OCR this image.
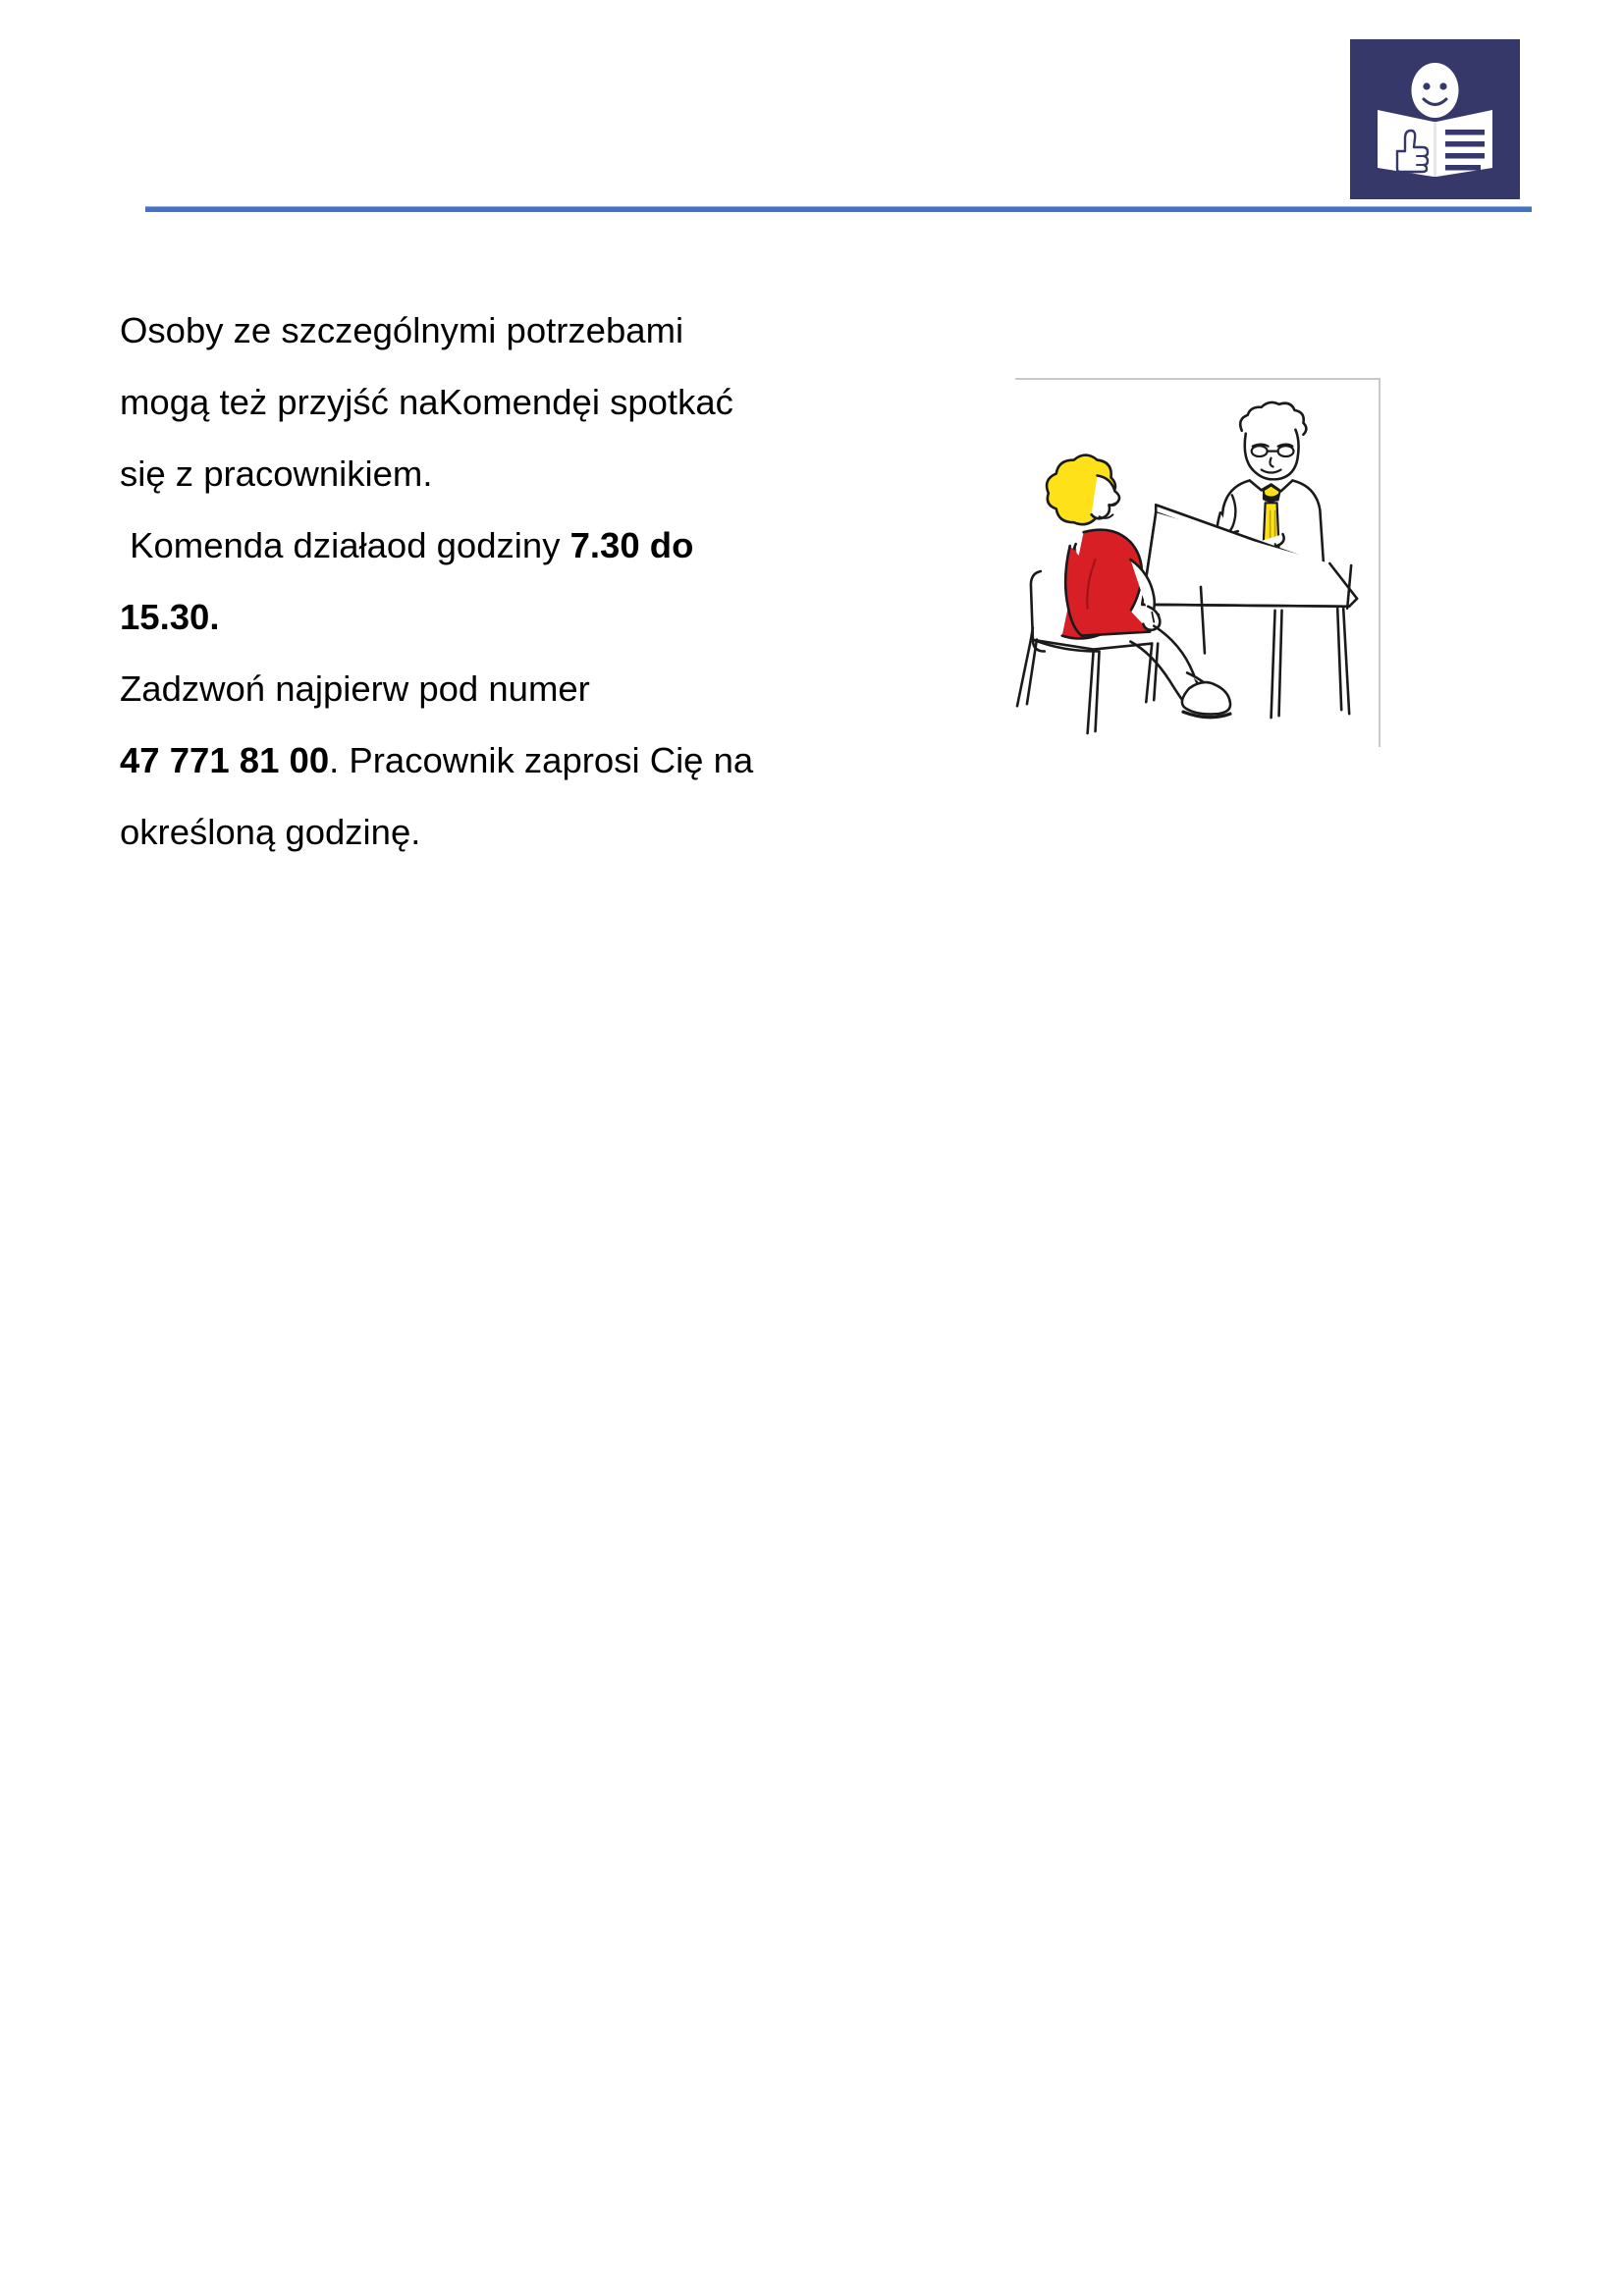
Osoby ze szczególnymi potrzebami
mogą też przyjść naKomendęi spotkać
się z pracownikiem.
Komenda działaod godziny 7.30 do
15.30.
Zadzwoń najpierw pod numer
47 771 81 00. Pracownik zaprosi Cię na
określoną godzinę.
